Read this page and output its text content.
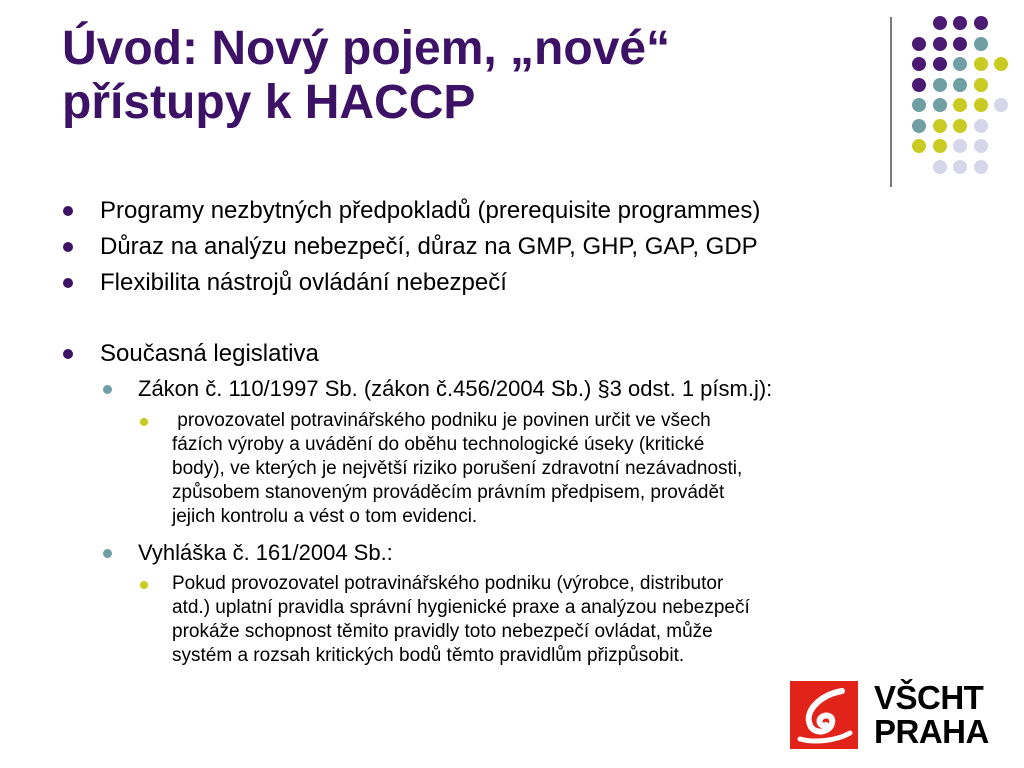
Úvod: Nový pojem, „nové“
přístupy k HACCP
Programy nezbytných předpokladů (prerequisite programmes)
Důraz na analýzu nebezpečí, důraz na GMP, GHP, GAP, GDP
Flexibilita nástrojů ovládání nebezpečí
Současná legislativa
Zákon č. 110/1997 Sb. (zákon č.456/2004 Sb.) §3 odst. 1 písm.j):
provozovatel potravinářského podniku je povinen určit ve všech
fázích výroby a uvádění do oběhu technologické úseky (kritické
body), ve kterých je největší riziko porušení zdravotní nezávadnosti,
způsobem stanoveným prováděcím právním předpisem, provádět
jejich kontrolu a vést o tom evidenci.
Vyhláška č. 161/2004 Sb.:
Pokud provozovatel potravinářského podniku (výrobce, distributor
atd.) uplatní pravidla správní hygienické praxe a analýzou nebezpečí
prokáže schopnost těmito pravidly toto nebezpečí ovládat, může
systém a rozsah kritických bodů těmto pravidlům přizpůsobit.
VŠCHT
PRAHA
